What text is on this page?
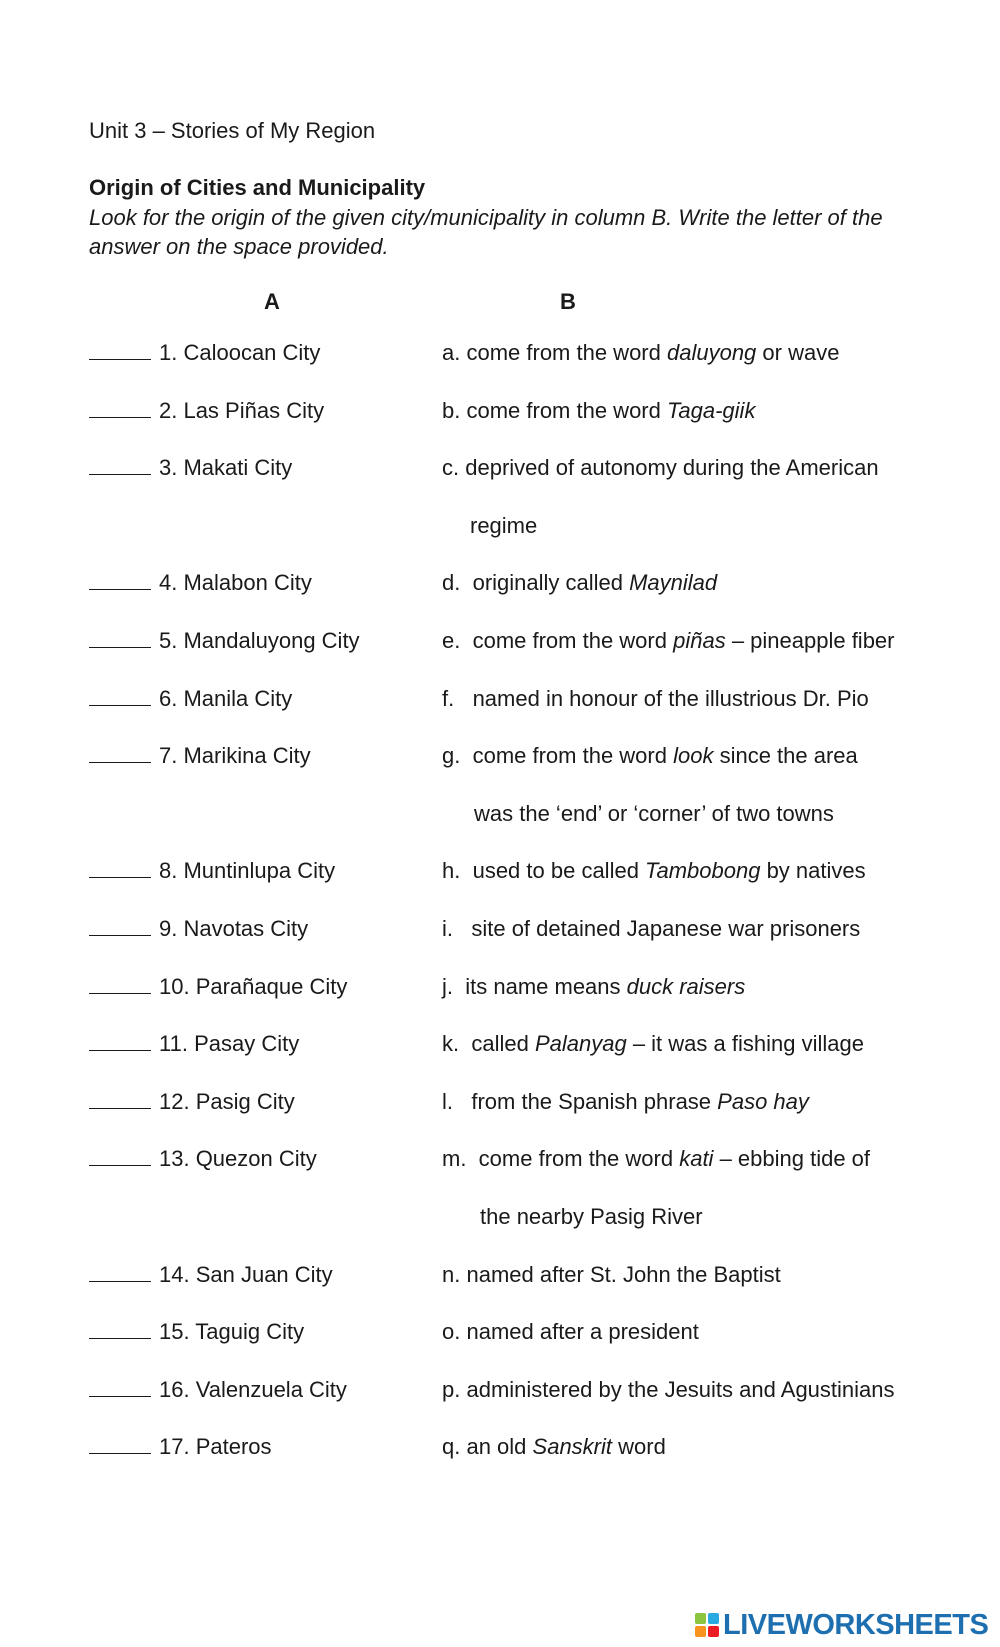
Unit 3 – Stories of My Region
Origin of Cities and Municipality
Look for the origin of the given city/municipality in column B. Write the letter of the answer on the space provided.
A	B
1. Caloocan City	a. come from the word daluyong or wave
2. Las Piñas City	b. come from the word Taga-giik
3. Makati City	c. deprived of autonomy during the American
regime
4. Malabon City	d.  originally called Maynilad
5. Mandaluyong City	e.  come from the word piñas – pineapple fiber
6. Manila City	f.   named in honour of the illustrious Dr. Pio
7. Marikina City	g.  come from the word look since the area
was the ‘end’ or ‘corner’ of two towns
8. Muntinlupa City	h.  used to be called Tambobong by natives
9. Navotas City	i.   site of detained Japanese war prisoners
10. Parañaque City	j.  its name means duck raisers
11. Pasay City	k.  called Palanyag – it was a fishing village
12. Pasig City	l.   from the Spanish phrase Paso hay
13. Quezon City	m.  come from the word kati – ebbing tide of
the nearby Pasig River
14. San Juan City	n. named after St. John the Baptist
15. Taguig City	o. named after a president
16. Valenzuela City	p. administered by the Jesuits and Agustinians
17. Pateros	q. an old Sanskrit word
LIVEWORKSHEETS
